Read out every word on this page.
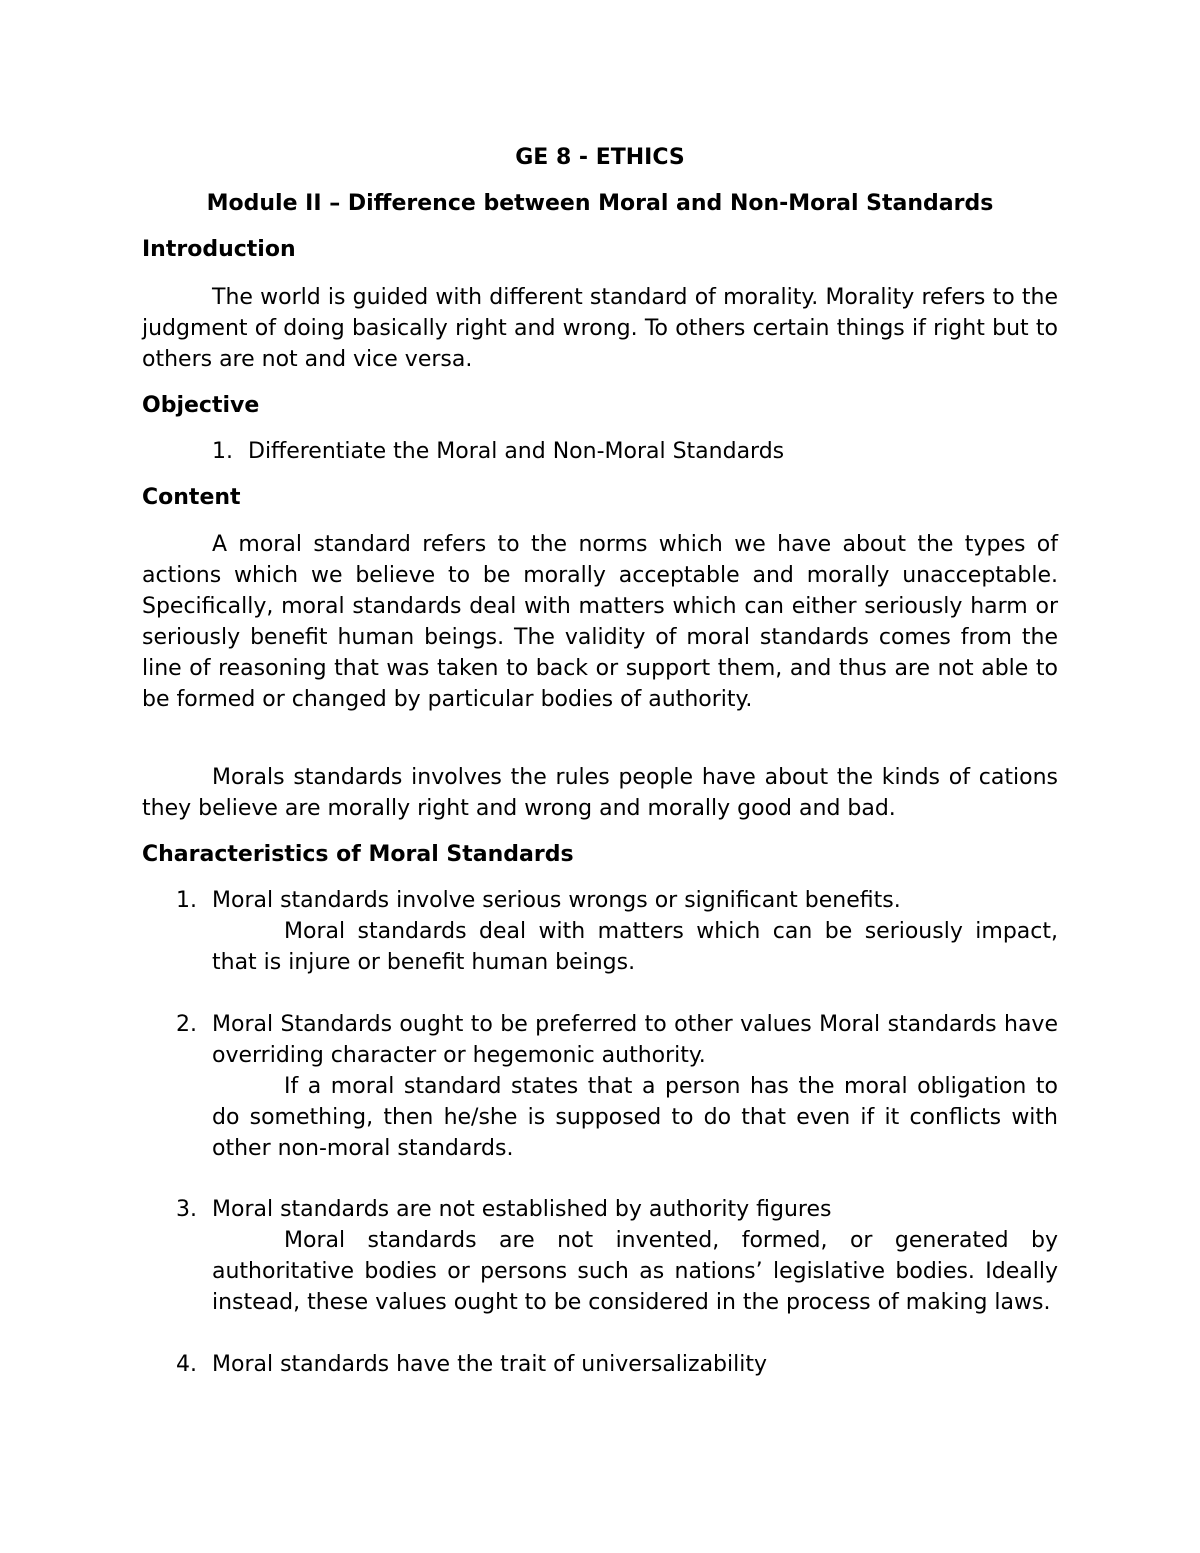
GE 8 - ETHICS
Module II – Difference between Moral and Non-Moral Standards
Introduction
The world is guided with different standard of morality. Morality refers to the judgment of doing basically right and wrong. To others certain things if right but to others are not and vice versa.
Objective
1. Differentiate the Moral and Non-Moral Standards
Content
A moral standard refers to the norms which we have about the types of actions which we believe to be morally acceptable and morally unacceptable. Specifically, moral standards deal with matters which can either seriously harm or seriously benefit human beings. The validity of moral standards comes from the line of reasoning that was taken to back or support them, and thus are not able to be formed or changed by particular bodies of authority.
Morals standards involves the rules people have about the kinds of cations they believe are morally right and wrong and morally good and bad.
Characteristics of Moral Standards
1. Moral standards involve serious wrongs or significant benefits.
Moral standards deal with matters which can be seriously impact, that is injure or benefit human beings.
2. Moral Standards ought to be preferred to other values Moral standards have overriding character or hegemonic authority.
If a moral standard states that a person has the moral obligation to do something, then he/she is supposed to do that even if it conflicts with other non-moral standards.
3. Moral standards are not established by authority figures
Moral standards are not invented, formed, or generated by authoritative bodies or persons such as nations’ legislative bodies. Ideally instead, these values ought to be considered in the process of making laws.
4. Moral standards have the trait of universalizability
